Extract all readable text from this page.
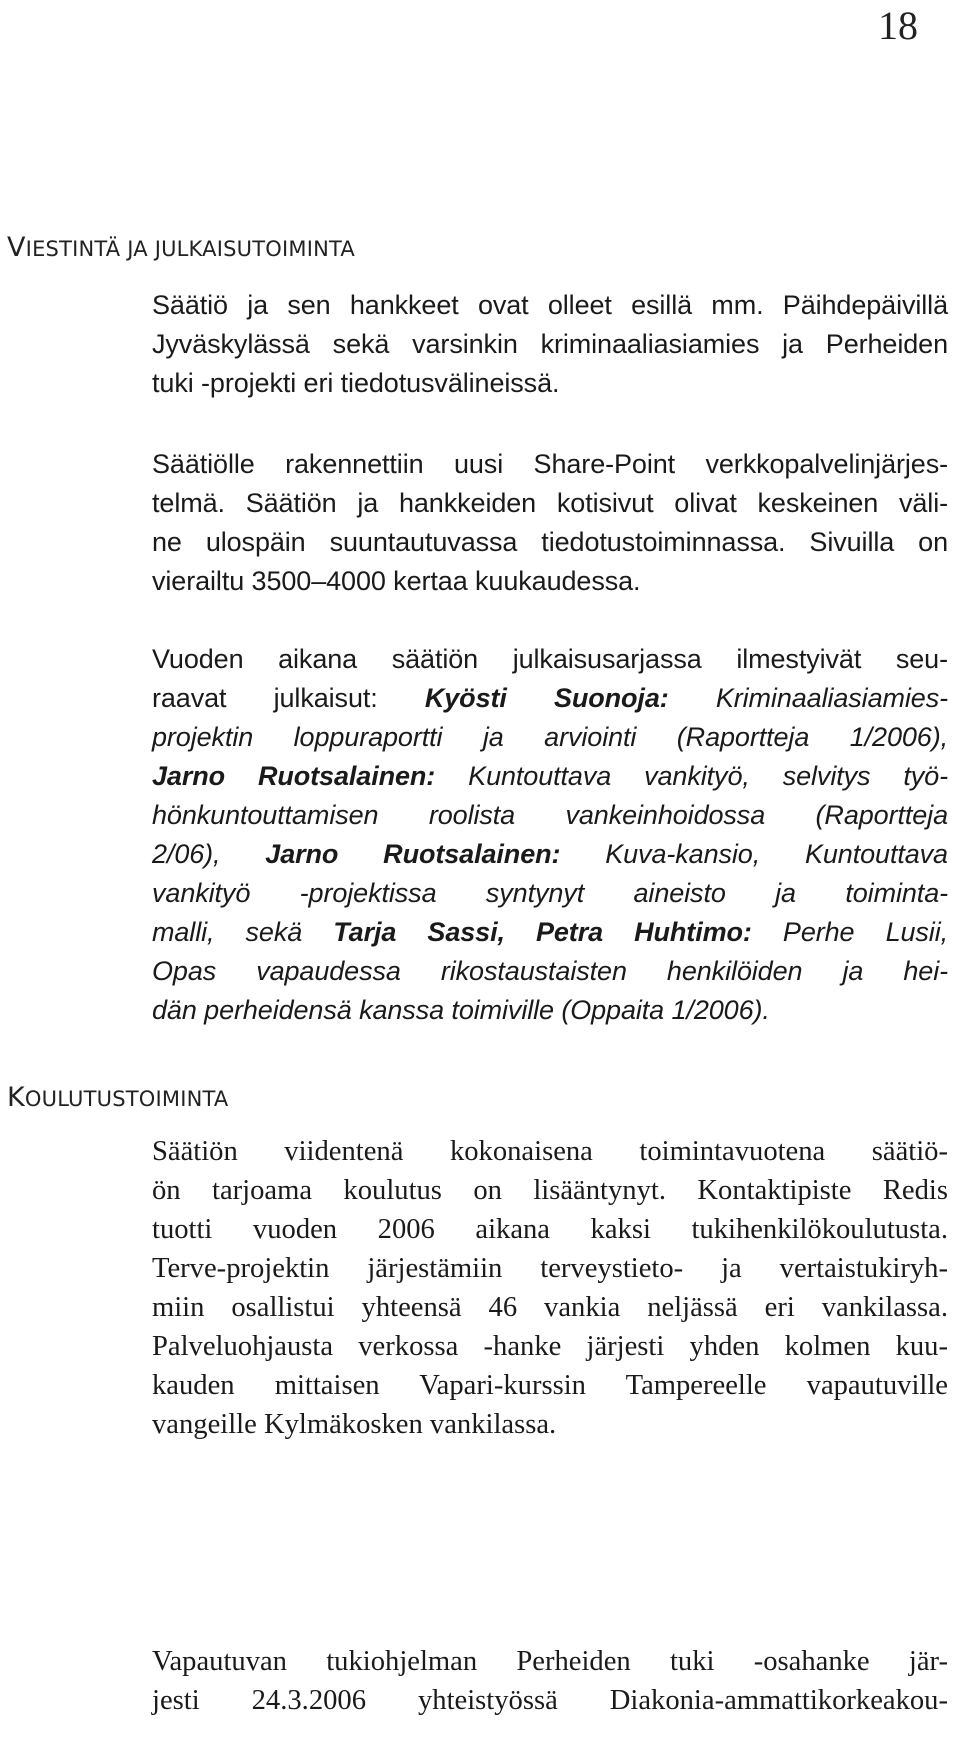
18
VIESTINTÄ JA JULKAISUTOIMINTA
Säätiö ja sen hankkeet ovat olleet esillä mm. Päihdepäivillä
Jyväskylässä sekä varsinkin kriminaaliasiamies ja Perheiden
tuki -projekti eri tiedotusvälineissä.
Säätiölle rakennettiin uusi Share-Point verkkopalvelinjärjes-
telmä. Säätiön ja hankkeiden kotisivut olivat keskeinen väli-
ne ulospäin suuntautuvassa tiedotustoiminnassa. Sivuilla on
vierailtu 3500–4000 kertaa kuukaudessa.
Vuoden aikana säätiön julkaisusarjassa ilmestyivät seu-
raavat julkaisut: Kyösti Suonoja: Kriminaaliasiamies-
projektin loppuraportti ja arviointi (Raportteja 1/2006),
Jarno Ruotsalainen: Kuntouttava vankityö, selvitys työ-
hönkuntouttamisen roolista vankeinhoidossa (Raportteja
2/06), Jarno Ruotsalainen: Kuva-kansio, Kuntouttava
vankityö -projektissa syntynyt aineisto ja toiminta-
malli, sekä Tarja Sassi, Petra Huhtimo: Perhe Lusii,
Opas vapaudessa rikostaustaisten henkilöiden ja hei-
dän perheidensä kanssa toimiville (Oppaita 1/2006).
KOULUTUSTOIMINTA
Säätiön viidentenä kokonaisena toimintavuotena säätiö-
ön tarjoama koulutus on lisääntynyt. Kontaktipiste Redis
tuotti vuoden 2006 aikana kaksi tukihenkilökoulutusta.
Terve-projektin järjestämiin terveystieto- ja vertaistukiryh-
miin osallistui yhteensä 46 vankia neljässä eri vankilassa.
Palveluohjausta verkossa -hanke järjesti yhden kolmen kuu-
kauden mittaisen Vapari-kurssin Tampereelle vapautuville
vangeille Kylmäkosken vankilassa.
Vapautuvan tukiohjelman Perheiden tuki -osahanke jär-
jesti 24.3.2006 yhteistyössä Diakonia-ammattikorkeakou-
